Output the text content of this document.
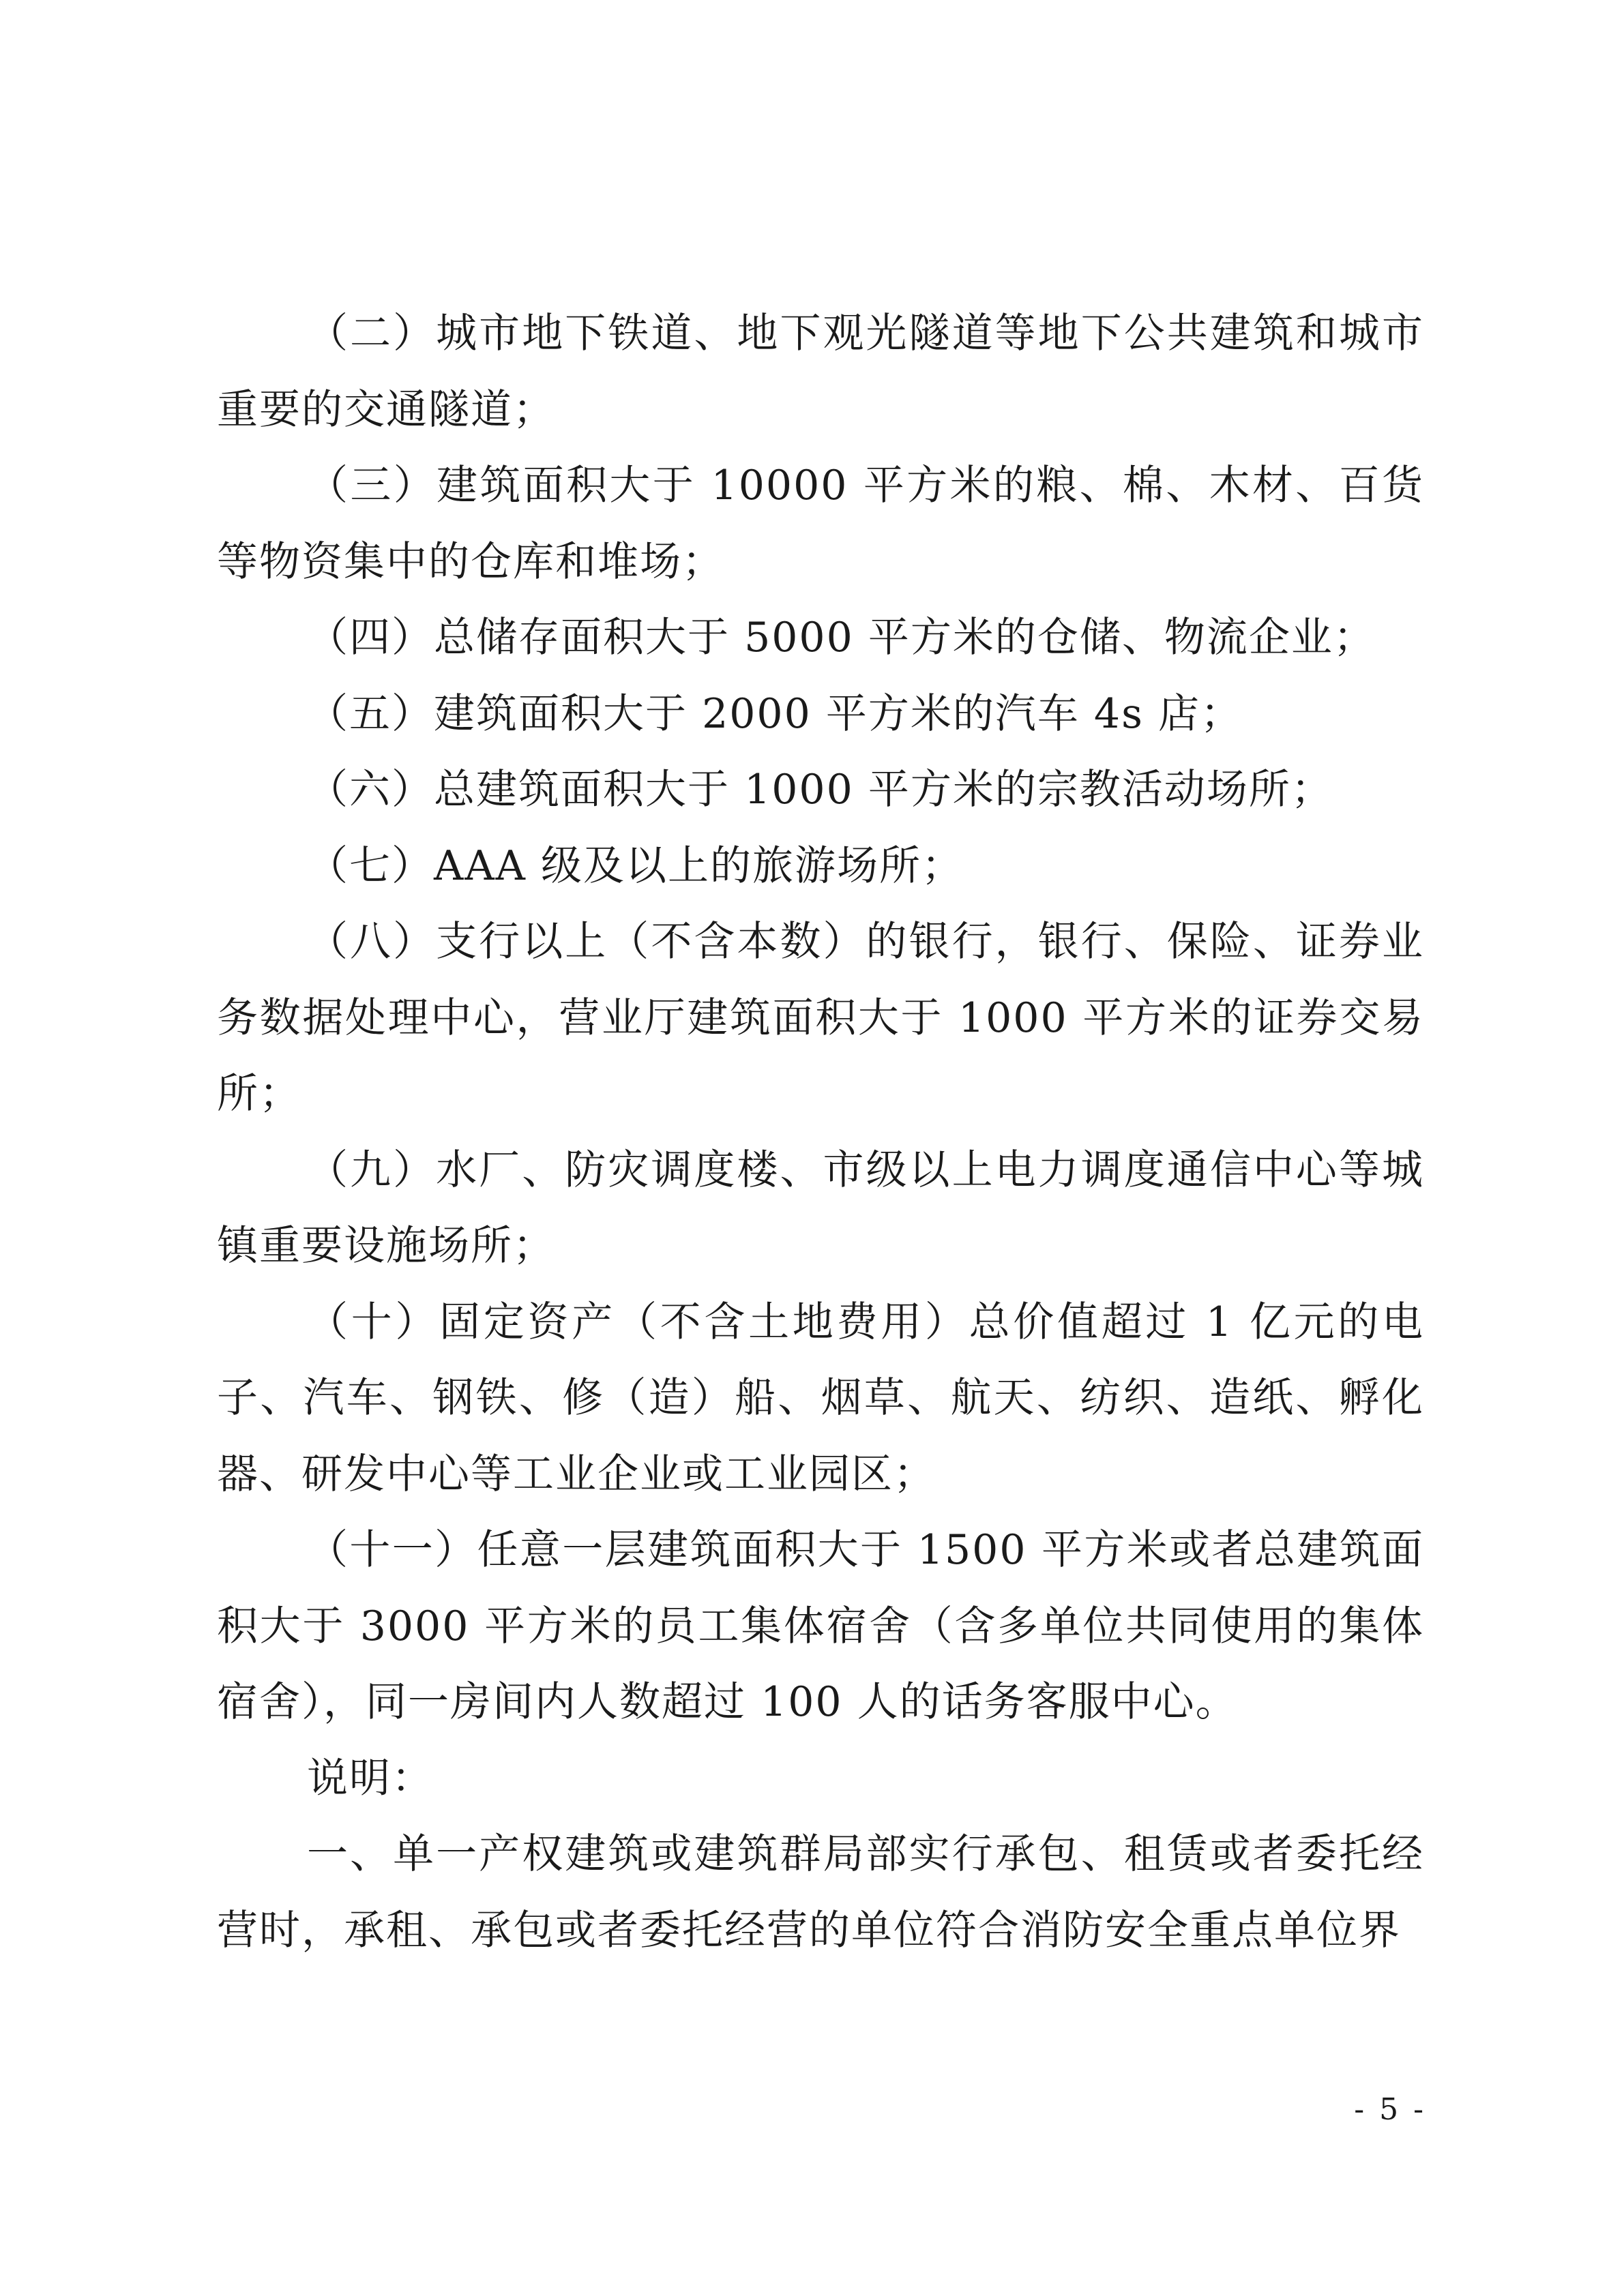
（二）城市地下铁道、地下观光隧道等地下公共建筑和城市重要的交通隧道；

（三）建筑面积大于 10000 平方米的粮、棉、木材、百货等物资集中的仓库和堆场；

（四）总储存面积大于 5000 平方米的仓储、物流企业；

（五）建筑面积大于 2000 平方米的汽车 4s 店；

（六）总建筑面积大于 1000 平方米的宗教活动场所；

（七）AAA 级及以上的旅游场所；

（八）支行以上（不含本数）的银行，银行、保险、证券业务数据处理中心，营业厅建筑面积大于 1000 平方米的证券交易所；

（九）水厂、防灾调度楼、市级以上电力调度通信中心等城镇重要设施场所；

（十）固定资产（不含土地费用）总价值超过 1 亿元的电子、汽车、钢铁、修（造）船、烟草、航天、纺织、造纸、孵化器、研发中心等工业企业或工业园区；

（十一）任意一层建筑面积大于 1500 平方米或者总建筑面积大于 3000 平方米的员工集体宿舍（含多单位共同使用的集体宿舍），同一房间内人数超过 100 人的话务客服中心。

说明：

一、单一产权建筑或建筑群局部实行承包、租赁或者委托经营时，承租、承包或者委托经营的单位符合消防安全重点单位界

- 5 -
